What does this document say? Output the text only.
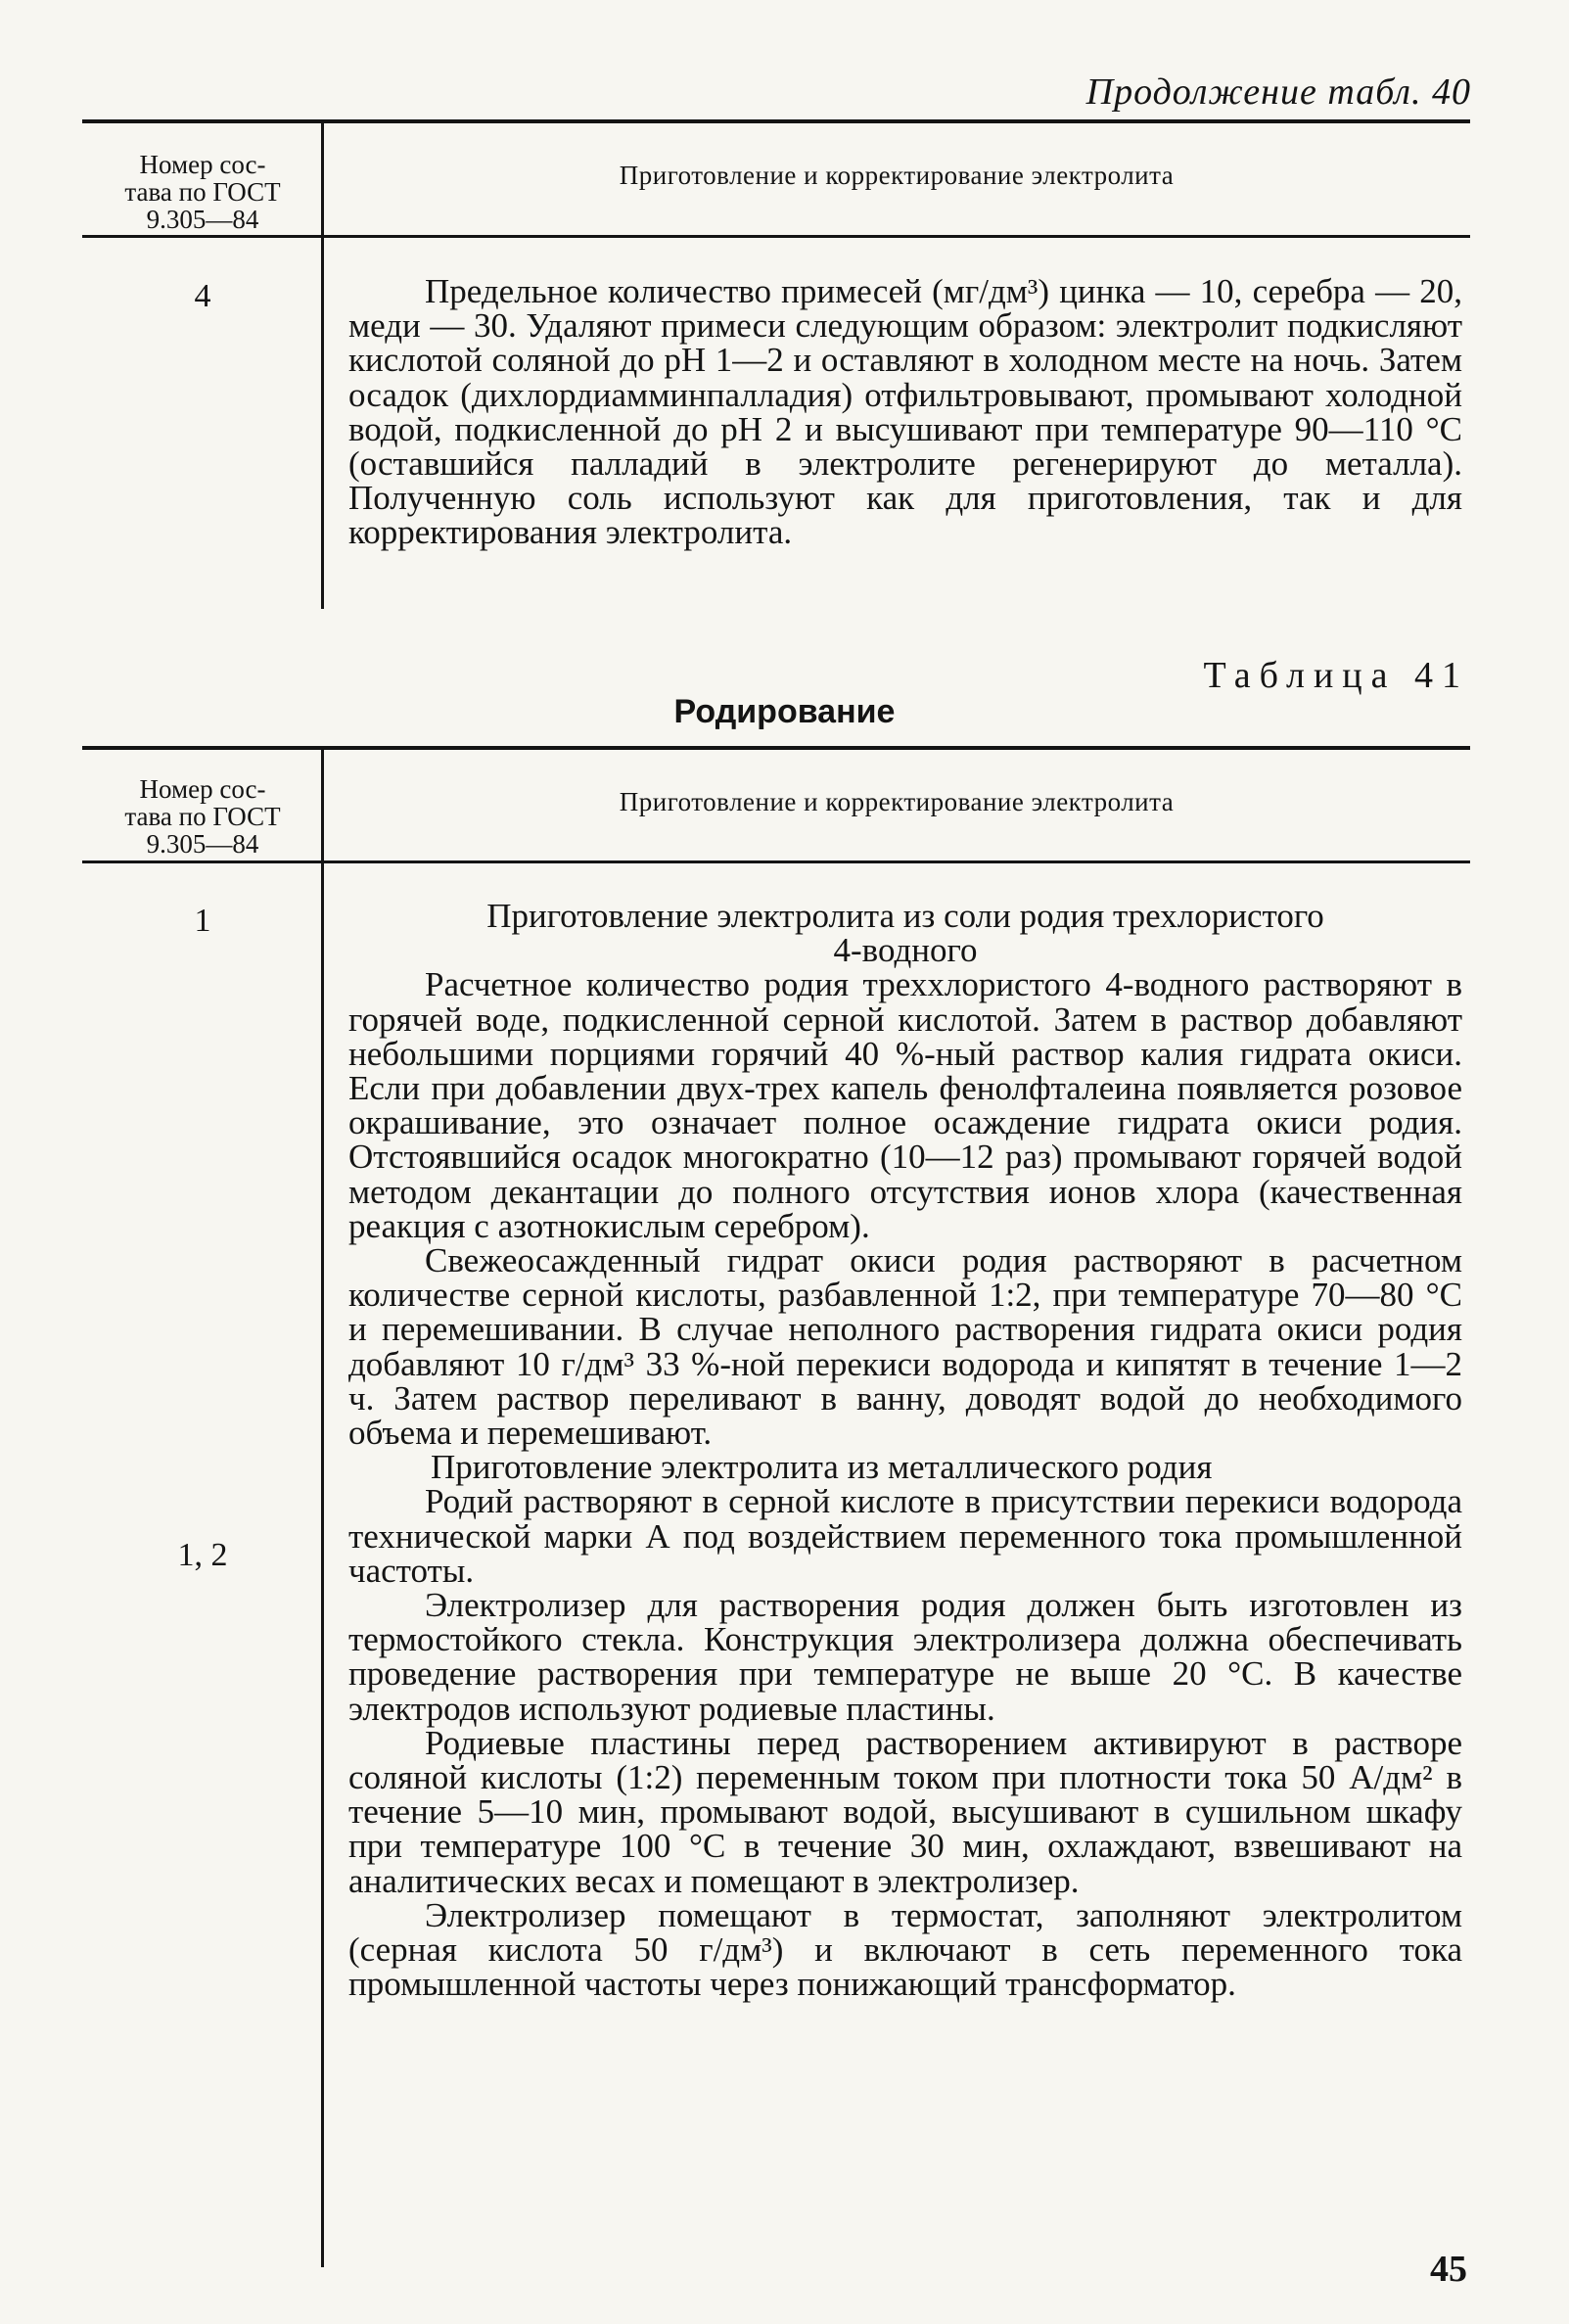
Продолжение табл. 40
Номер сос-
тава по ГОСТ
9.305—84
Приготовление и корректирование электролита
4	Предельное количество примесей (мг/дм³) цинка — 10, серебра — 20, меди — 30. Удаляют примеси следующим образом: электролит подкисляют кислотой соляной до pH 1—2 и оставляют в холодном месте на ночь. Затем осадок (дихлордиамминпалладия) отфильтровывают, промывают холодной водой, подкисленной до pH 2 и высушивают при температуре 90—110 °С (оставшийся палладий в электролите регенерируют до металла). Полученную соль используют как для приготовления, так и для корректирования электролита.

Таблица 41
Родирование
Номер сос-
тава по ГОСТ
9.305—84
Приготовление и корректирование электролита
1
1, 2

Приготовление электролита из соли родия трехлористого

4-водного

Расчетное количество родия треххлористого 4-водного растворяют в горячей воде, подкисленной серной кислотой. Затем в раствор добавляют небольшими порциями горячий 40 %-ный раствор калия гидрата окиси. Если при добавлении двух-трех капель фенолфталеина появляется розовое окрашивание, это означает полное осаждение гидрата окиси родия. Отстоявшийся осадок многократно (10—12 раз) промывают горячей водой методом декантации до полного отсутствия ионов хлора (качественная реакция с азотнокислым серебром).

Свежеосажденный гидрат окиси родия растворяют в расчетном количестве серной кислоты, разбавленной 1:2, при температуре 70—80 °С и перемешивании. В случае неполного растворения гидрата окиси родия добавляют 10 г/дм³ 33 %-ной перекиси водорода и кипятят в течение 1—2 ч. Затем раствор переливают в ванну, доводят водой до необходимого объема и перемешивают.

Приготовление электролита из металлического родия

Родий растворяют в серной кислоте в присутствии перекиси водорода технической марки А под воздействием переменного тока промышленной частоты.

Электролизер для растворения родия должен быть изготовлен из термостойкого стекла. Конструкция электролизера должна обеспечивать проведение растворения при температуре не выше 20 °С. В качестве электродов используют родиевые пластины.

Родиевые пластины перед растворением активируют в растворе соляной кислоты (1:2) переменным током при плотности тока 50 А/дм² в течение 5—10 мин, промывают водой, высушивают в сушильном шкафу при температуре 100 °С в течение 30 мин, охлаждают, взвешивают на аналитических весах и помещают в электролизер.

Электролизер помещают в термостат, заполняют электролитом (серная кислота 50 г/дм³) и включают в сеть переменного тока промышленной частоты через понижающий трансформатор.

45
